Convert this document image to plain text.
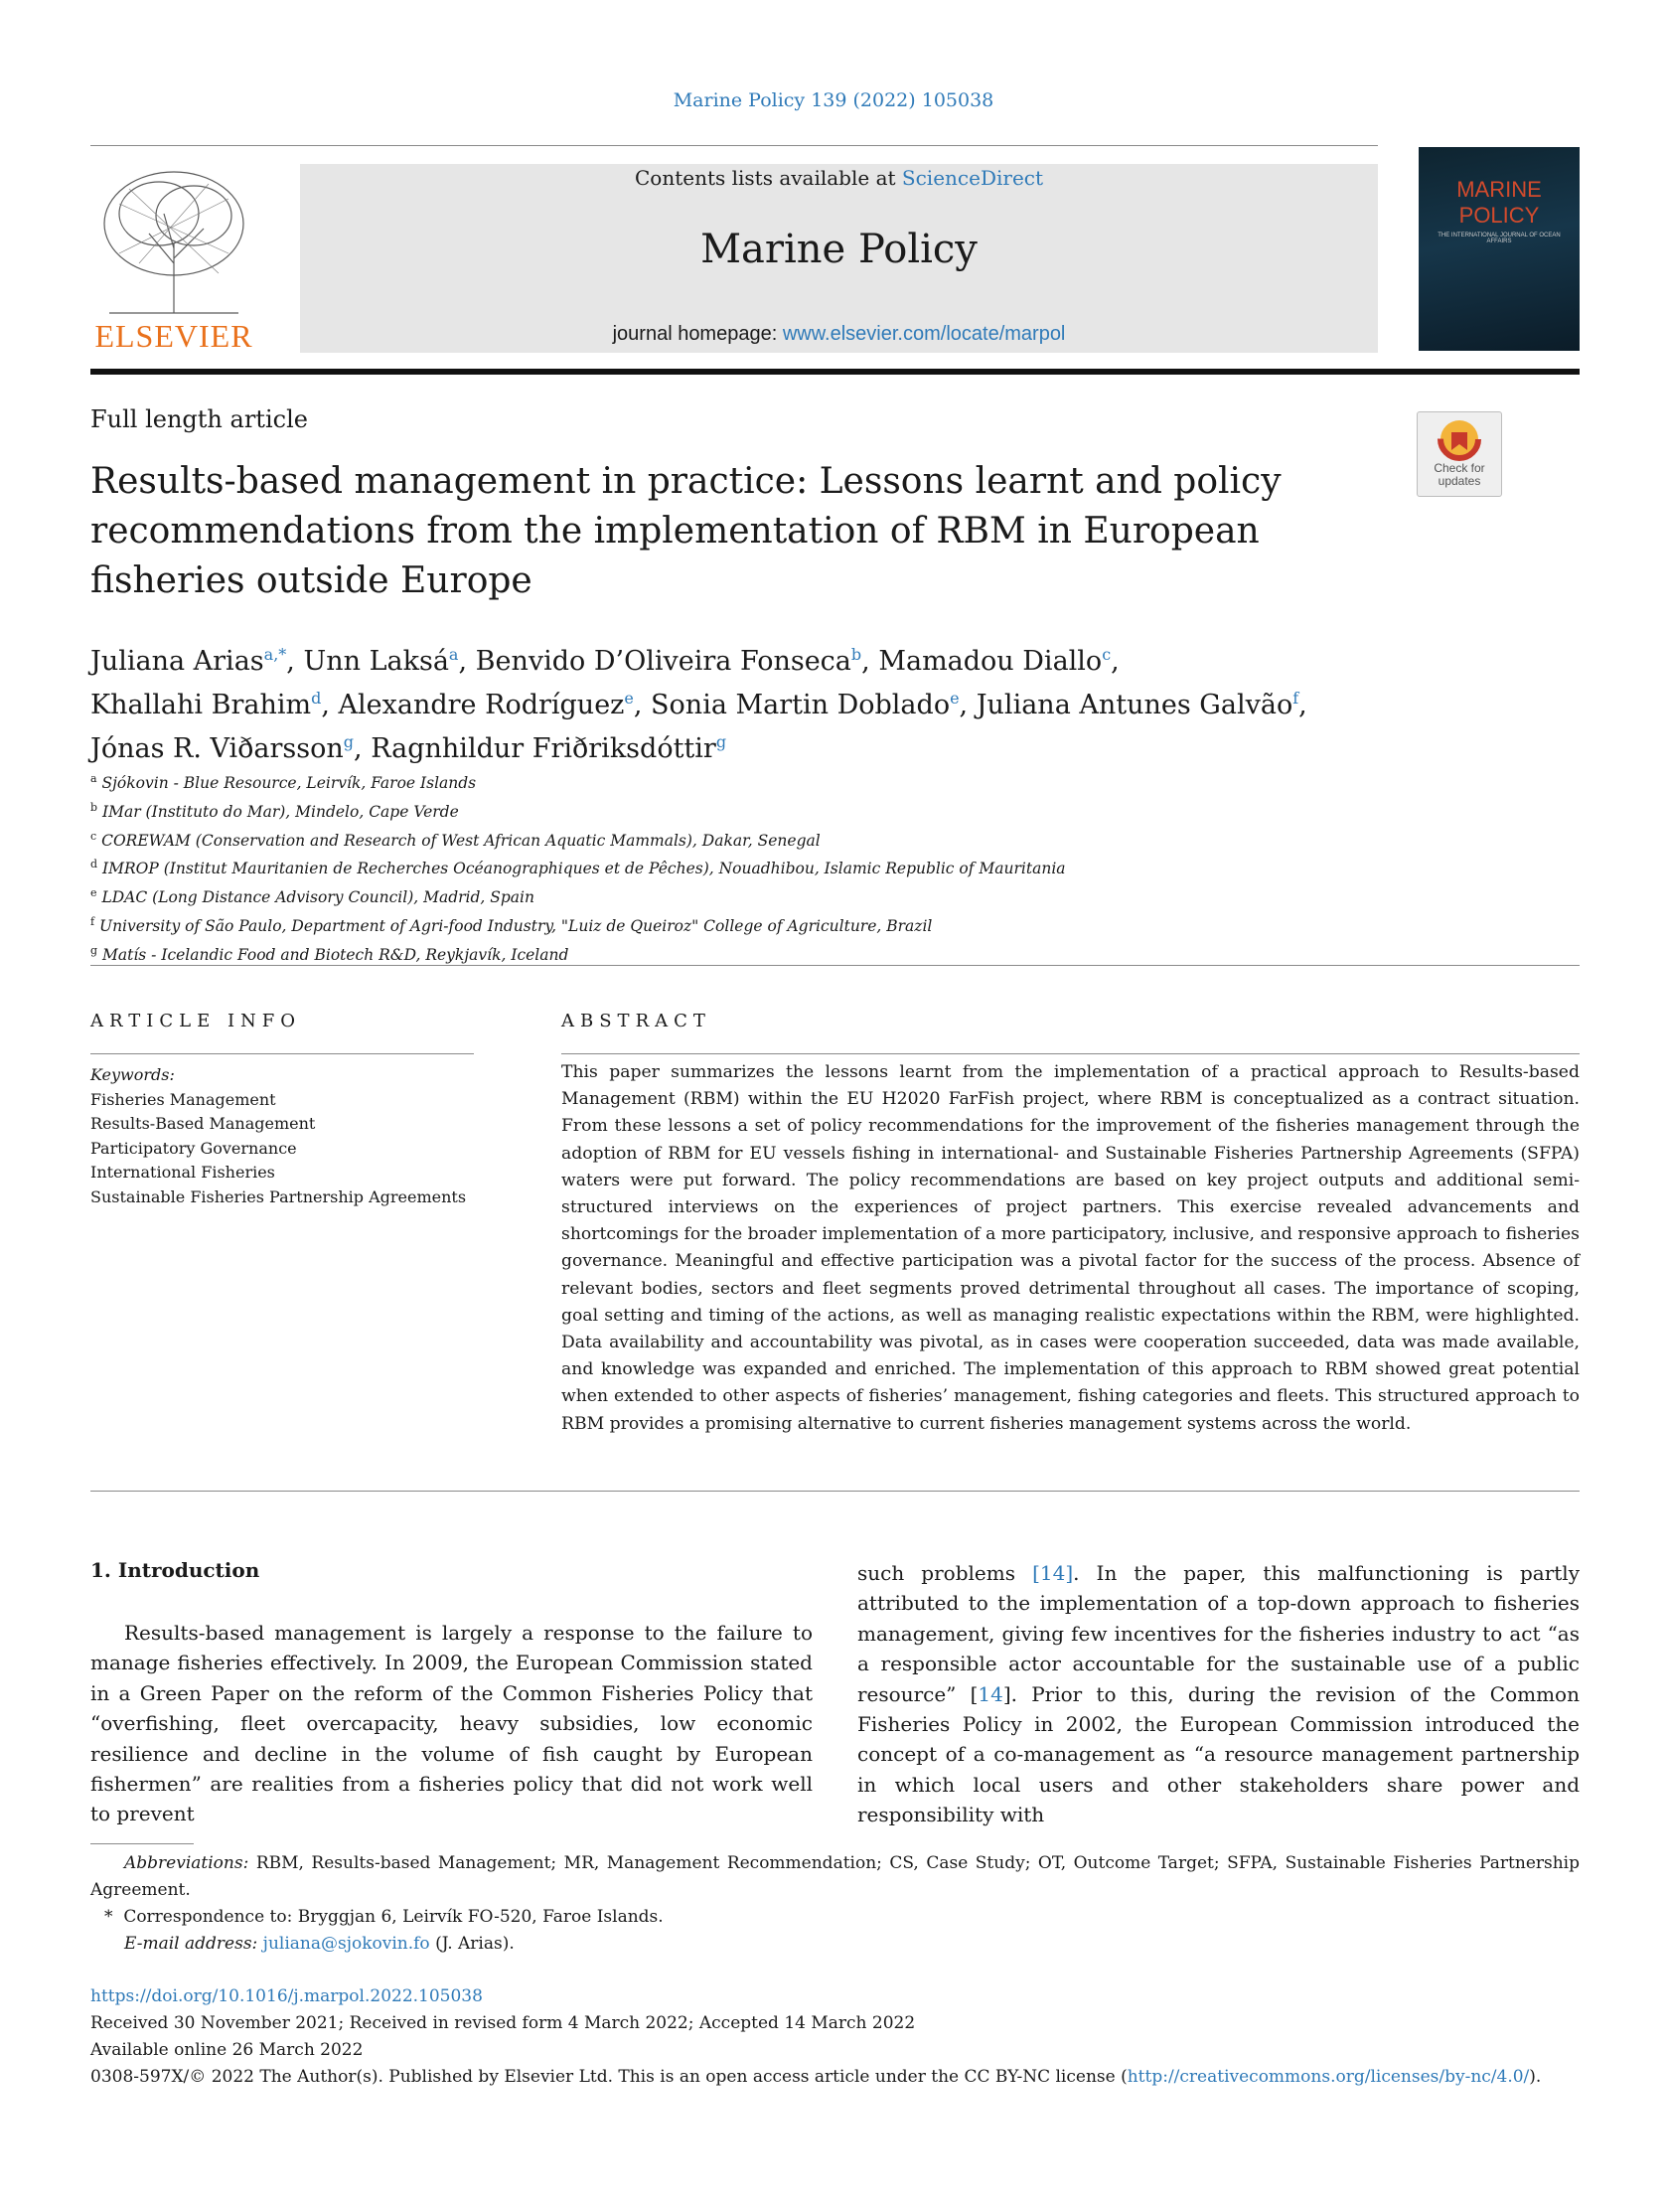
Marine Policy 139 (2022) 105038
ELSEVIER
Contents lists available at ScienceDirect
Marine Policy
journal homepage: www.elsevier.com/locate/marpol
MARINE
POLICY
THE INTERNATIONAL JOURNAL OF OCEAN AFFAIRS
Full length article
Check for
updates
Results-based management in practice: Lessons learnt and policy recommendations from the implementation of RBM in European fisheries outside Europe
Juliana Arias$^{a,*}$, Unn Laksá$^a$, Benvido D’Oliveira Fonseca$^b$, Mamadou Diallo$^c$,
Khallahi Brahim$^d$, Alexandre Rodríguez$^e$, Sonia Martin Doblado$^e$, Juliana Antunes Galvão$^f$,
Jónas R. Viðarsson$^g$, Ragnhildur Friðriksdóttir$^g$
$^a$ Sjókovin - Blue Resource, Leirvík, Faroe Islands
$^b$ IMar (Instituto do Mar), Mindelo, Cape Verde
$^c$ COREWAM (Conservation and Research of West African Aquatic Mammals), Dakar, Senegal
$^d$ IMROP (Institut Mauritanien de Recherches Océanographiques et de Pêches), Nouadhibou, Islamic Republic of Mauritania
$^e$ LDAC (Long Distance Advisory Council), Madrid, Spain
$^f$ University of São Paulo, Department of Agri-food Industry, "Luiz de Queiroz" College of Agriculture, Brazil
$^g$ Matís - Icelandic Food and Biotech R&D, Reykjavík, Iceland
ARTICLE INFO
Keywords:
Fisheries Management
Results-Based Management
Participatory Governance
International Fisheries
Sustainable Fisheries Partnership Agreements
ABSTRACT
This paper summarizes the lessons learnt from the implementation of a practical approach to Results-based Management (RBM) within the EU H2020 FarFish project, where RBM is conceptualized as a contract situation. From these lessons a set of policy recommendations for the improvement of the fisheries management through the adoption of RBM for EU vessels fishing in international- and Sustainable Fisheries Partnership Agreements (SFPA) waters were put forward. The policy recommendations are based on key project outputs and additional semi-structured interviews on the experiences of project partners. This exercise revealed advancements and shortcomings for the broader implementation of a more participatory, inclusive, and responsive approach to fisheries governance. Meaningful and effective participation was a pivotal factor for the success of the process. Absence of relevant bodies, sectors and fleet segments proved detrimental throughout all cases. The importance of scoping, goal setting and timing of the actions, as well as managing realistic expectations within the RBM, were highlighted. Data availability and accountability was pivotal, as in cases were cooperation succeeded, data was made available, and knowledge was expanded and enriched. The implementation of this approach to RBM showed great potential when extended to other aspects of fisheries’ management, fishing categories and fleets. This structured approach to RBM provides a promising alternative to current fisheries management systems across the world.
1. Introduction
Results-based management is largely a response to the failure to manage fisheries effectively. In 2009, the European Commission stated in a Green Paper on the reform of the Common Fisheries Policy that “overfishing, fleet overcapacity, heavy subsidies, low economic resilience and decline in the volume of fish caught by European fishermen” are realities from a fisheries policy that did not work well to prevent
such problems [14]. In the paper, this malfunctioning is partly attributed to the implementation of a top-down approach to fisheries management, giving few incentives for the fisheries industry to act “as a responsible actor accountable for the sustainable use of a public resource” [14]. Prior to this, during the revision of the Common Fisheries Policy in 2002, the European Commission introduced the concept of a co-management as “a resource management partnership in which local users and other stakeholders share power and responsibility with
Abbreviations: RBM, Results-based Management; MR, Management Recommendation; CS, Case Study; OT, Outcome Target; SFPA, Sustainable Fisheries Partnership Agreement.
*  Correspondence to: Bryggjan 6, Leirvík FO-520, Faroe Islands.
E-mail address: juliana@sjokovin.fo (J. Arias).
https://doi.org/10.1016/j.marpol.2022.105038
Received 30 November 2021; Received in revised form 4 March 2022; Accepted 14 March 2022
Available online 26 March 2022
0308-597X/© 2022 The Author(s). Published by Elsevier Ltd. This is an open access article under the CC BY-NC license (http://creativecommons.org/licenses/by-nc/4.0/).
